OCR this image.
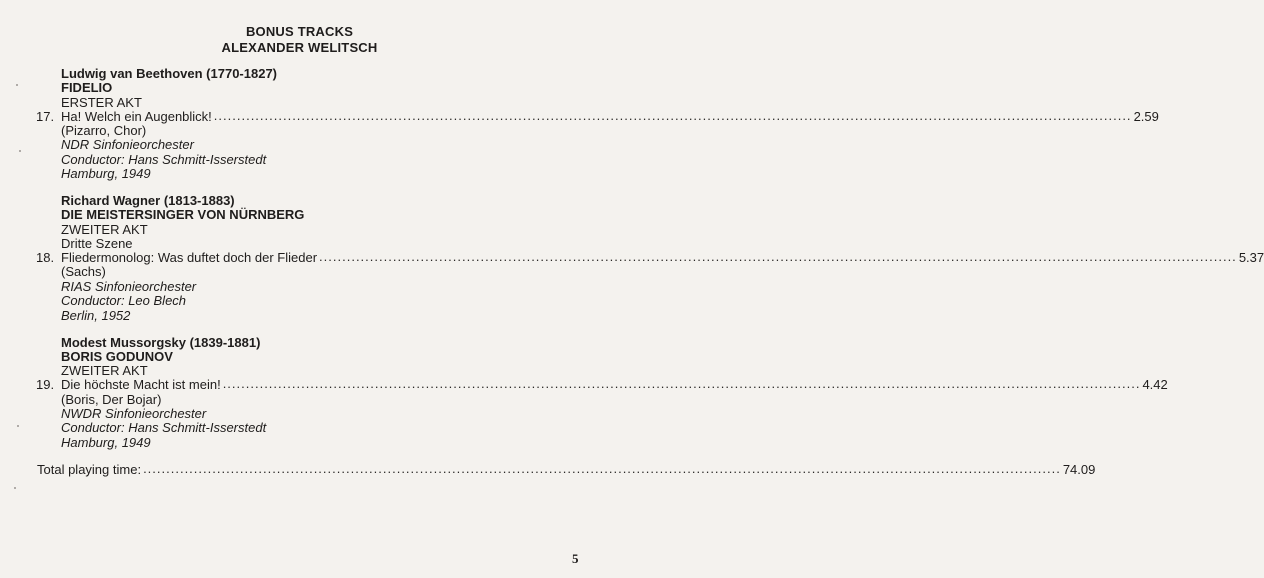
BONUS TRACKS
ALEXANDER WELITSCH
Ludwig van Beethoven (1770-1827)
FIDELIO
ERSTER AKT
17. Ha! Welch ein Augenblick! ....................................................................................................................................................................................................... 2.59
(Pizarro, Chor)
NDR Sinfonieorchester
Conductor: Hans Schmitt-Isserstedt
Hamburg, 1949
Richard Wagner (1813-1883)
DIE MEISTERSINGER VON NÜRNBERG
ZWEITER AKT
Dritte Szene
18. Fliedermonolog: Was duftet doch der Flieder ....................................................................................................................................................................................................... 5.37
(Sachs)
RIAS Sinfonieorchester
Conductor: Leo Blech
Berlin, 1952
Modest Mussorgsky (1839-1881)
BORIS GODUNOV
ZWEITER AKT
19. Die höchste Macht ist mein! ....................................................................................................................................................................................................... 4.42
(Boris, Der Bojar)
NWDR Sinfonieorchester
Conductor: Hans Schmitt-Isserstedt
Hamburg, 1949
Total playing time: ....................................................................................................................................................................................................... 74.09
5
